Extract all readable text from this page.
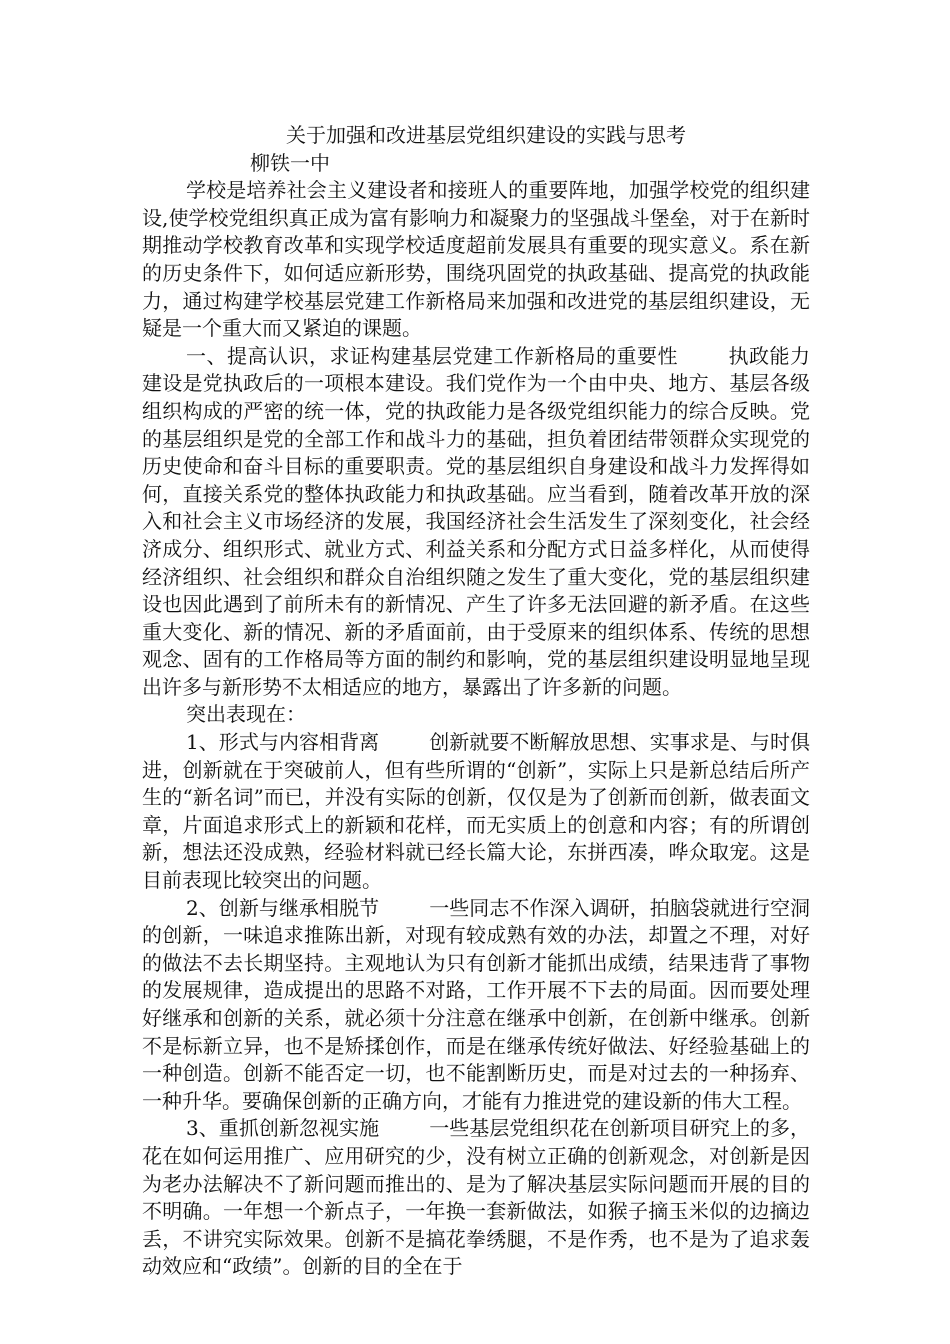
关于加强和改进基层党组织建设的实践与思考

柳铁一中

学校是培养社会主义建设者和接班人的重要阵地，加强学校党的组织建设,使学校党组织真正成为富有影响力和凝聚力的坚强战斗堡垒，对于在新时期推动学校教育改革和实现学校适度超前发展具有重要的现实意义。系在新的历史条件下，如何适应新形势，围绕巩固党的执政基础、提高党的执政能力，通过构建学校基层党建工作新格局来加强和改进党的基层组织建设，无疑是一个重大而又紧迫的课题。

一、提高认识，求证构建基层党建工作新格局的重要性	执政能力建设是党执政后的一项根本建设。我们党作为一个由中央、地方、基层各级组织构成的严密的统一体，党的执政能力是各级党组织能力的综合反映。党的基层组织是党的全部工作和战斗力的基础，担负着团结带领群众实现党的历史使命和奋斗目标的重要职责。党的基层组织自身建设和战斗力发挥得如何，直接关系党的整体执政能力和执政基础。应当看到，随着改革开放的深入和社会主义市场经济的发展，我国经济社会生活发生了深刻变化，社会经济成分、组织形式、就业方式、利益关系和分配方式日益多样化，从而使得经济组织、社会组织和群众自治组织随之发生了重大变化，党的基层组织建设也因此遇到了前所未有的新情况、产生了许多无法回避的新矛盾。在这些重大变化、新的情况、新的矛盾面前，由于受原来的组织体系、传统的思想观念、固有的工作格局等方面的制约和影响，党的基层组织建设明显地呈现出许多与新形势不太相适应的地方，暴露出了许多新的问题。

突出表现在：

1、形式与内容相背离	创新就要不断解放思想、实事求是、与时俱进，创新就在于突破前人，但有些所谓的“创新”，实际上只是新总结后所产生的“新名词”而已，并没有实际的创新，仅仅是为了创新而创新，做表面文章，片面追求形式上的新颖和花样，而无实质上的创意和内容；有的所谓创新，想法还没成熟，经验材料就已经长篇大论，东拼西凑，哗众取宠。这是目前表现比较突出的问题。

2、创新与继承相脱节	一些同志不作深入调研，拍脑袋就进行空洞的创新，一味追求推陈出新，对现有较成熟有效的办法，却置之不理，对好的做法不去长期坚持。主观地认为只有创新才能抓出成绩，结果违背了事物的发展规律，造成提出的思路不对路，工作开展不下去的局面。因而要处理好继承和创新的关系，就必须十分注意在继承中创新，在创新中继承。创新不是标新立异，也不是矫揉创作，而是在继承传统好做法、好经验基础上的一种创造。创新不能否定一切，也不能割断历史，而是对过去的一种扬弃、一种升华。要确保创新的正确方向，才能有力推进党的建设新的伟大工程。

3、重抓创新忽视实施	一些基层党组织花在创新项目研究上的多，花在如何运用推广、应用研究的少，没有树立正确的创新观念，对创新是因为老办法解决不了新问题而推出的、是为了解决基层实际问题而开展的目的不明确。一年想一个新点子，一年换一套新做法，如猴子摘玉米似的边摘边丢，不讲究实际效果。创新不是搞花拳绣腿，不是作秀，也不是为了追求轰动效应和“政绩”。创新的目的全在于
